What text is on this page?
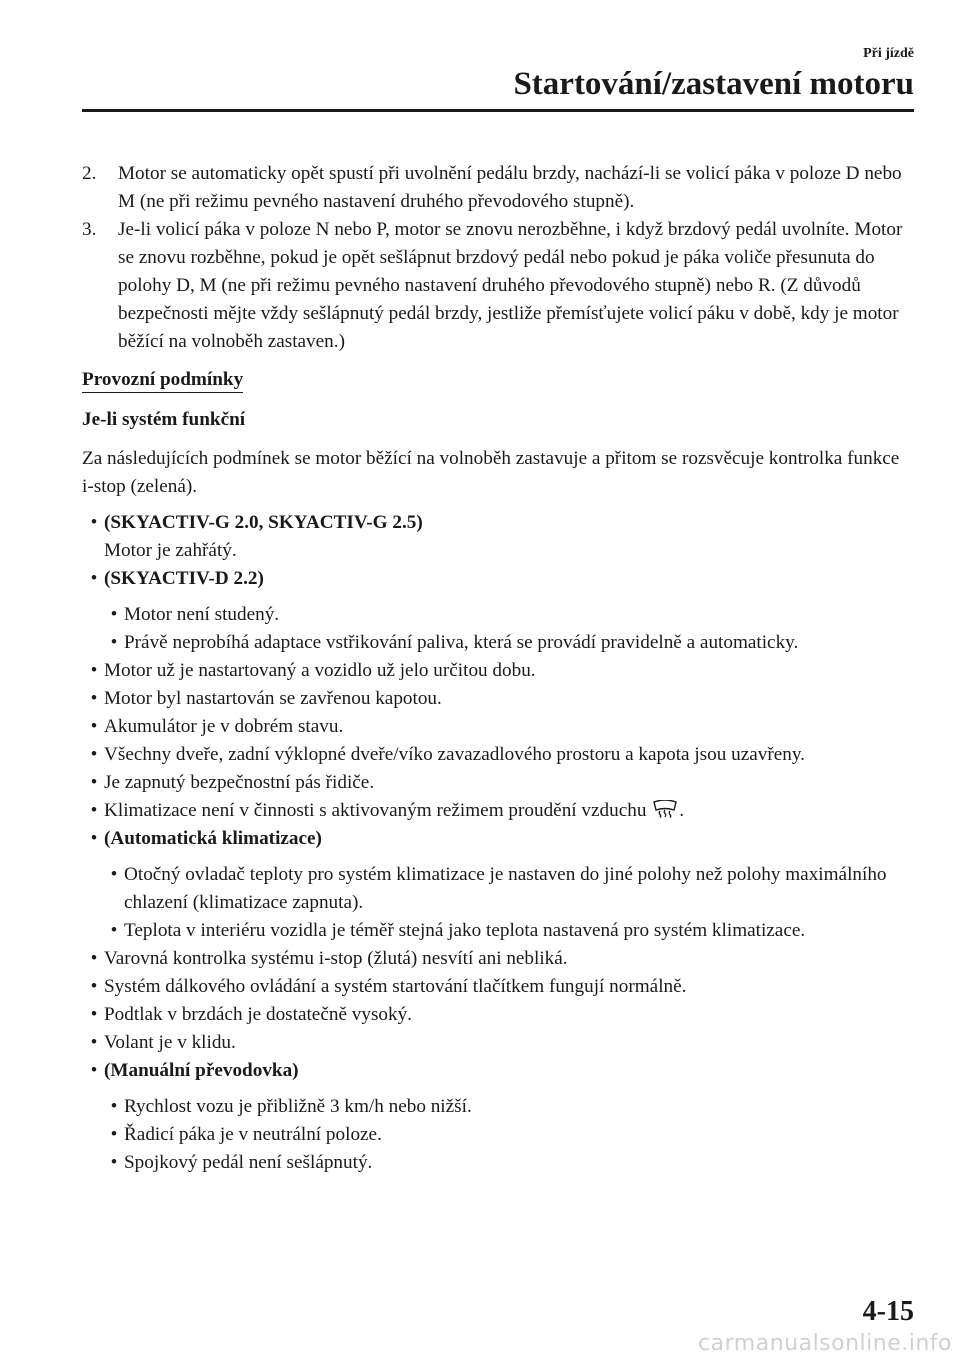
Při jízdě
Startování/zastavení motoru
2.	Motor se automaticky opět spustí při uvolnění pedálu brzdy, nachází-li se volicí páka v poloze D nebo M (ne při režimu pevného nastavení druhého převodového stupně).
3.	Je-li volicí páka v poloze N nebo P, motor se znovu nerozběhne, i když brzdový pedál uvolníte. Motor se znovu rozběhne, pokud je opět sešlápnut brzdový pedál nebo pokud je páka voliče přesunuta do polohy D, M (ne při režimu pevného nastavení druhého převodového stupně) nebo R. (Z důvodů bezpečnosti mějte vždy sešlápnutý pedál brzdy, jestliže přemísťujete volicí páku v době, kdy je motor běžící na volnoběh zastaven.)
Provozní podmínky
Je-li systém funkční
Za následujících podmínek se motor běžící na volnoběh zastavuje a přitom se rozsvěcuje kontrolka funkce i-stop (zelená).
• (SKYACTIV-G 2.0, SKYACTIV-G 2.5)
Motor je zahřátý.
• (SKYACTIV-D 2.2)
• Motor není studený.
• Právě neprobíhá adaptace vstřikování paliva, která se provádí pravidelně a automaticky.
• Motor už je nastartovaný a vozidlo už jelo určitou dobu.
• Motor byl nastartován se zavřenou kapotou.
• Akumulátor je v dobrém stavu.
• Všechny dveře, zadní výklopné dveře/víko zavazadlového prostoru a kapota jsou uzavřeny.
• Je zapnutý bezpečnostní pás řidiče.
• Klimatizace není v činnosti s aktivovaným režimem proudění vzduchu .
• (Automatická klimatizace)
• Otočný ovladač teploty pro systém klimatizace je nastaven do jiné polohy než polohy maximálního chlazení (klimatizace zapnuta).
• Teplota v interiéru vozidla je téměř stejná jako teplota nastavená pro systém klimatizace.
• Varovná kontrolka systému i-stop (žlutá) nesvítí ani nebliká.
• Systém dálkového ovládání a systém startování tlačítkem fungují normálně.
• Podtlak v brzdách je dostatečně vysoký.
• Volant je v klidu.
• (Manuální převodovka)
• Rychlost vozu je přibližně 3 km/h nebo nižší.
• Řadicí páka je v neutrální poloze.
• Spojkový pedál není sešlápnutý.
4-15
carmanualsonline.info
